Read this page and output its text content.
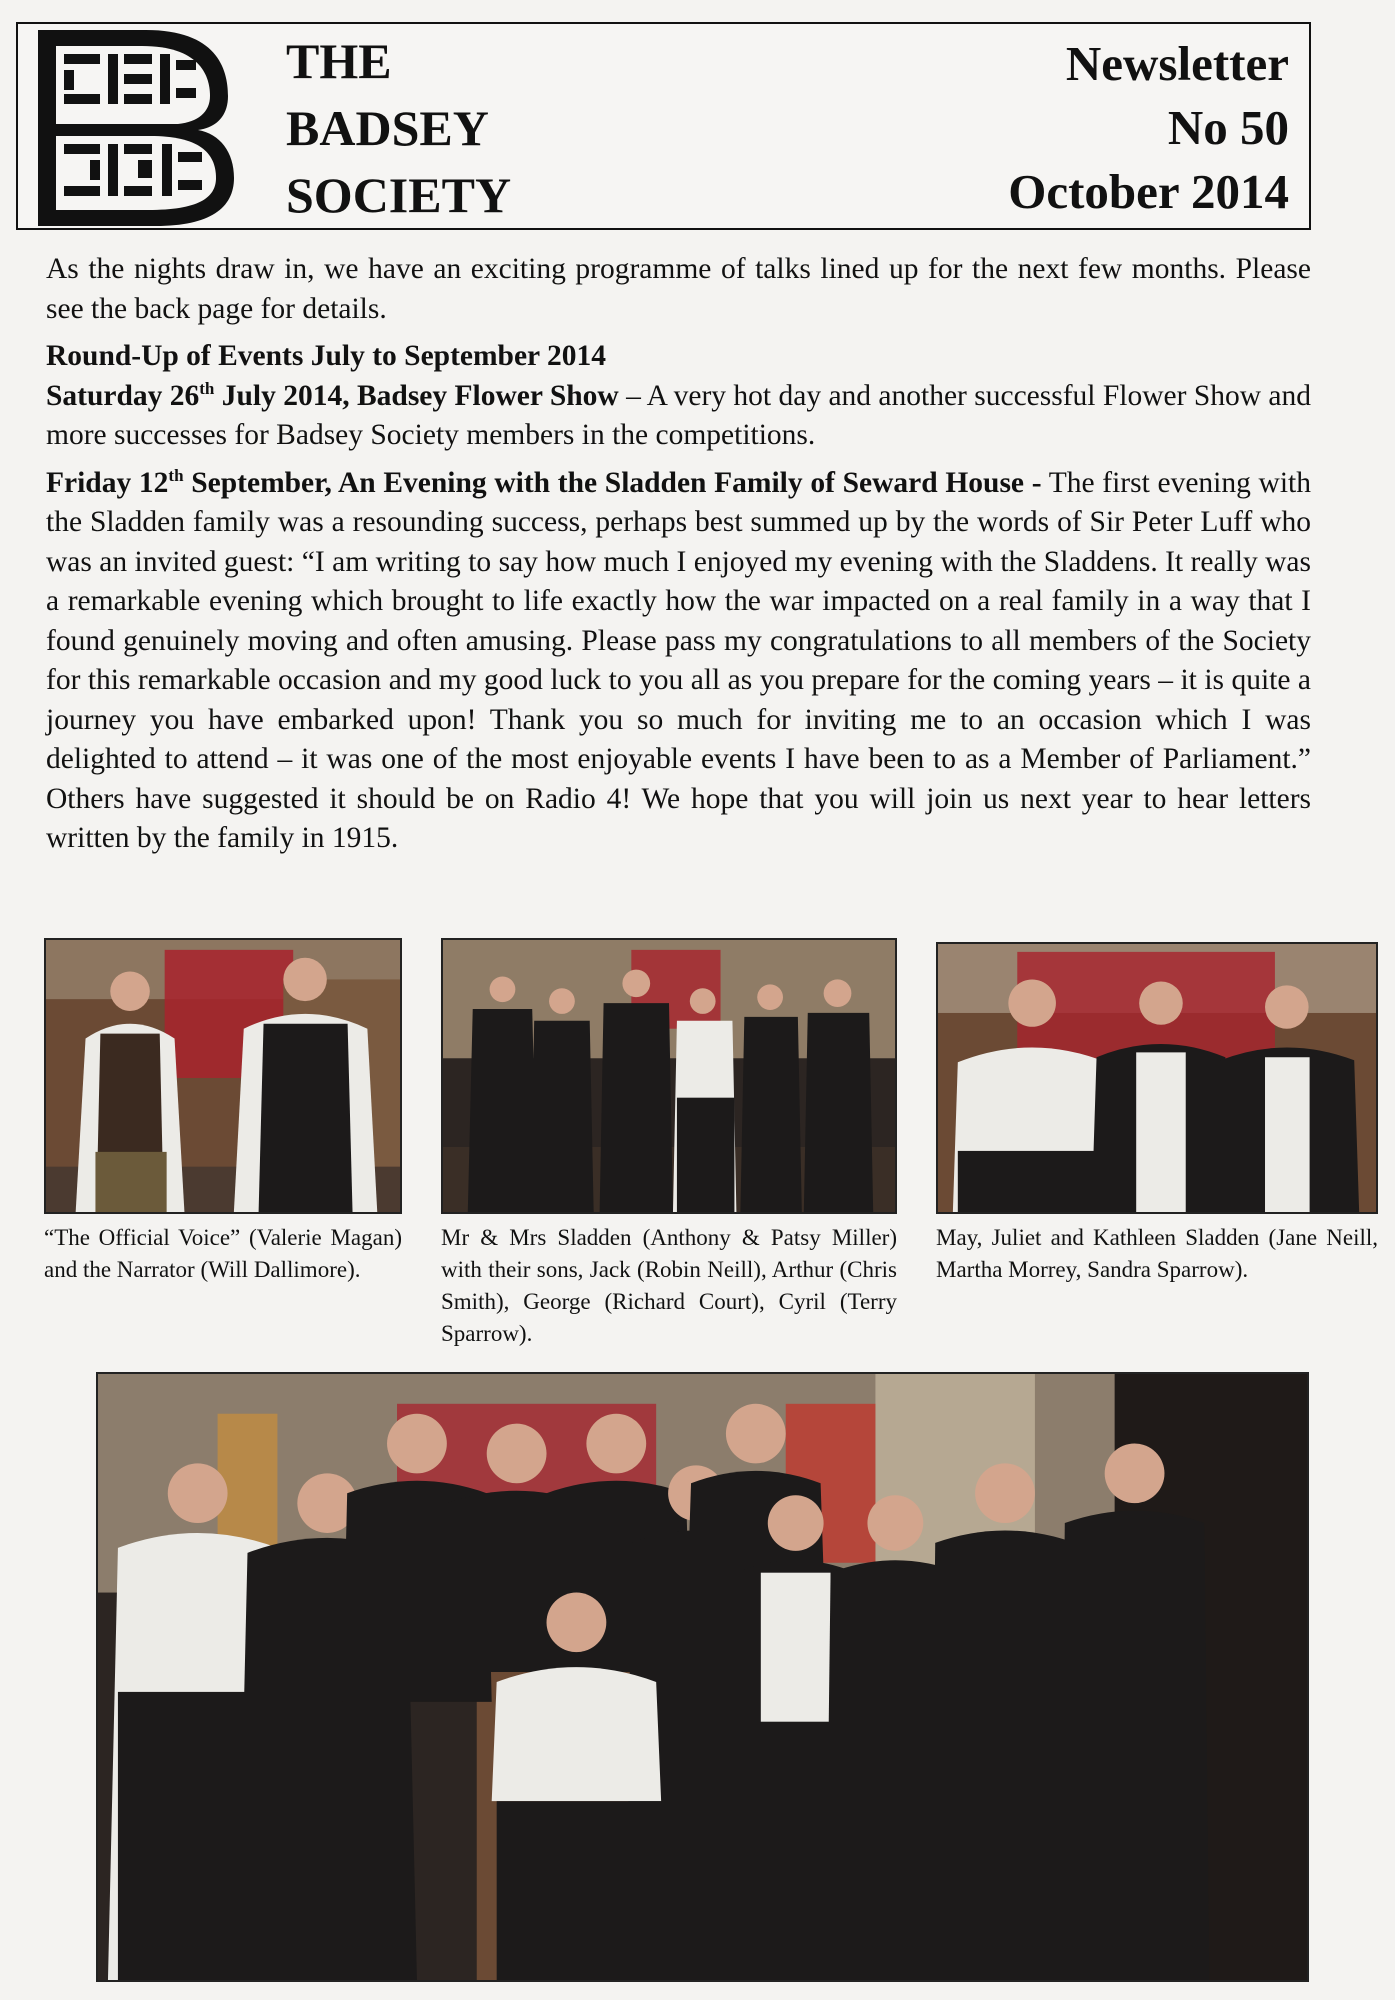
THE
BADSEY
SOCIETY
Newsletter
No 50
October 2014

As the nights draw in, we have an exciting programme of talks lined up for the next few months. Please see the back page for details.

Round-Up of Events July to September 2014

Saturday 26th July 2014, Badsey Flower Show – A very hot day and another successful Flower Show and more successes for Badsey Society members in the competitions.

Friday 12th September, An Evening with the Sladden Family of Seward House - The first evening with the Sladden family was a resounding success, perhaps best summed up by the words of Sir Peter Luff who was an invited guest: “I am writing to say how much I enjoyed my evening with the Sladdens. It really was a remarkable evening which brought to life exactly how the war impacted on a real family in a way that I found genuinely moving and often amusing. Please pass my congratulations to all members of the Society for this remarkable occasion and my good luck to you all as you prepare for the coming years – it is quite a journey you have embarked upon! Thank you so much for inviting me to an occasion which I was delighted to attend – it was one of the most enjoyable events I have been to as a Member of Parliament.” Others have suggested it should be on Radio 4! We hope that you will join us next year to hear letters written by the family in 1915.

“The Official Voice” (Valerie Magan) and the Narrator (Will Dallimore).
Mr & Mrs Sladden (Anthony & Patsy Miller) with their sons, Jack (Robin Neill), Arthur (Chris Smith), George (Richard Court), Cyril (Terry Sparrow).
May, Juliet and Kathleen Sladden (Jane Neill, Martha Morrey, Sandra Sparrow).
